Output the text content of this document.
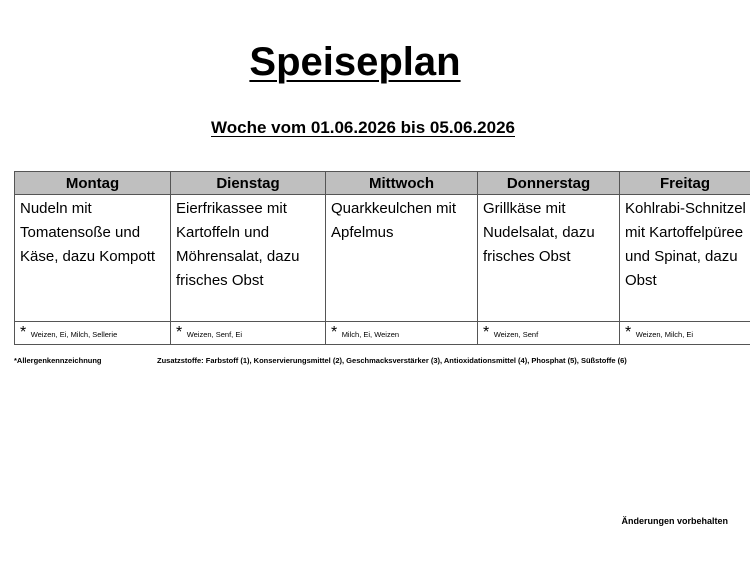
Speiseplan
Woche vom 01.06.2026 bis 05.06.2026
Montag	Dienstag	Mittwoch	Donnerstag	Freitag
Nudeln mit Tomatensoße und Käse, dazu Kompott	Eierfrikassee mit Kartoffeln und Möhrensalat, dazu frisches Obst	Quarkkeulchen mit Apfelmus	Grillkäse mit Nudelsalat, dazu frisches Obst	Kohlrabi-Schnitzel mit Kartoffelpüree und Spinat, dazu Obst
* Weizen, Ei, Milch, Sellerie	* Weizen, Senf, Ei	* Milch, Ei, Weizen	* Weizen, Senf	* Weizen, Milch, Ei
*Allergenkennzeichnung	Zusatzstoffe: Farbstoff (1), Konservierungsmittel (2), Geschmacksverstärker (3), Antioxidationsmittel (4), Phosphat (5), Süßstoffe (6)
Änderungen vorbehalten
